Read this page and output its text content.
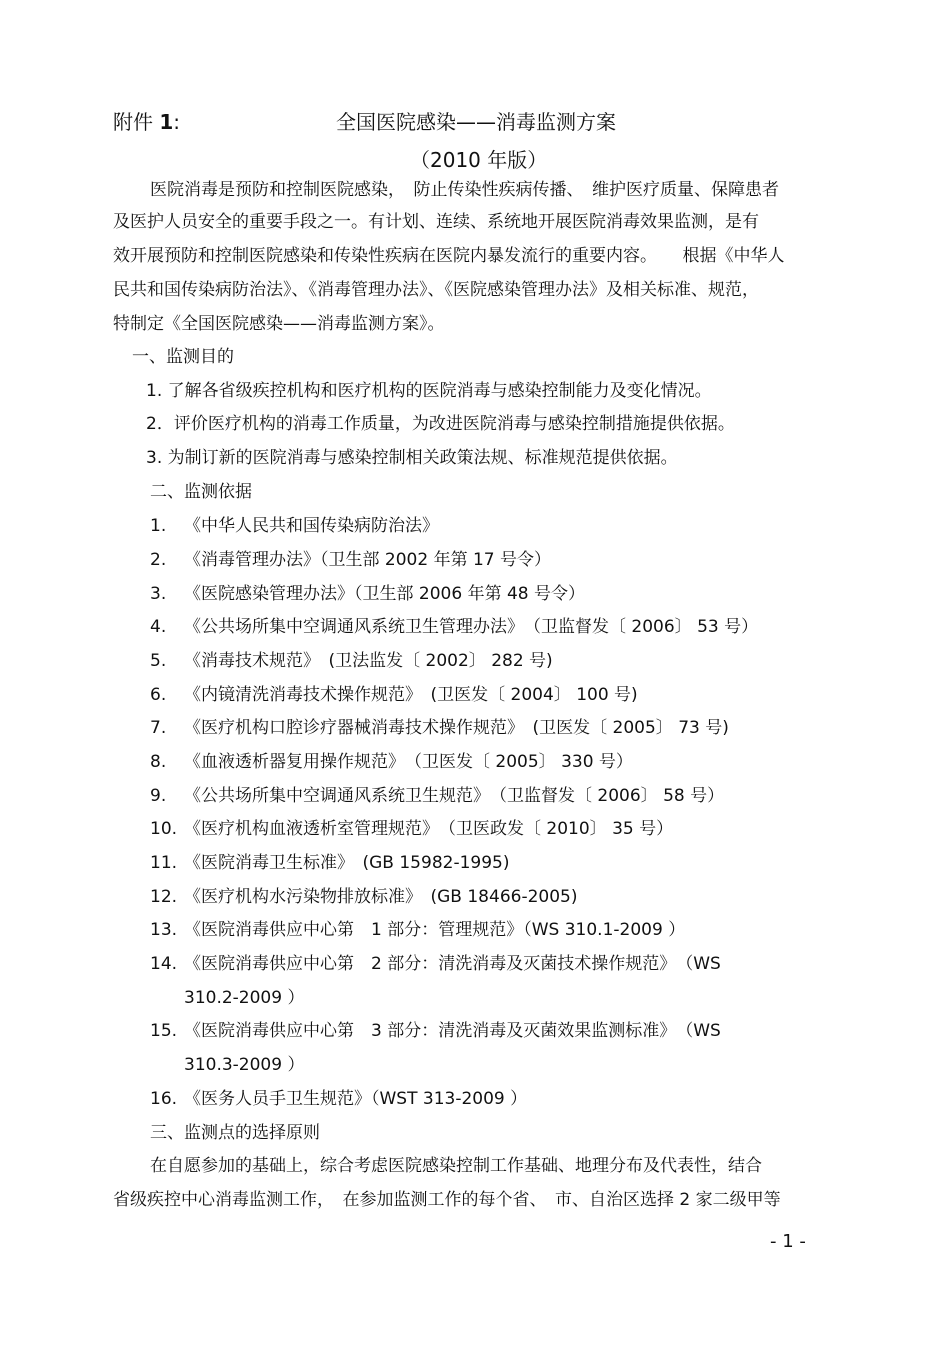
附件 1:	全国医院感染——消毒监测方案
（2010 年版）
医院消毒是预防和控制医院感染，　防止传染性疾病传播、　维护医疗质量、保障患者
及医护人员安全的重要手段之一。有计划、连续、系统地开展医院消毒效果监测，是有
效开展预防和控制医院感染和传染性疾病在医院内暴发流行的重要内容。　　根据《中华人
民共和国传染病防治法》、《消毒管理办法》、《医院感染管理办法》及相关标准、规范，
特制定《全国医院感染——消毒监测方案》。
一、监测目的
1. 了解各省级疾控机构和医疗机构的医院消毒与感染控制能力及变化情况。
2．评价医疗机构的消毒工作质量，为改进医院消毒与感染控制措施提供依据。
3. 为制订新的医院消毒与感染控制相关政策法规、标准规范提供依据。
二、监测依据
1.	《中华人民共和国传染病防治法》
2.	《消毒管理办法》（卫生部 2002 年第 17 号令）
3.	《医院感染管理办法》（卫生部 2006 年第 48 号令）
4.	《公共场所集中空调通风系统卫生管理办法》　（卫监督发〔 2006〕 53 号）
5.	《消毒技术规范》　(卫法监发〔 2002〕 282 号)
6.	《内镜清洗消毒技术操作规范》　(卫医发〔 2004〕 100 号)
7.	《医疗机构口腔诊疗器械消毒技术操作规范》　(卫医发〔 2005〕 73 号)
8.	《血液透析器复用操作规范》　（卫医发〔 2005〕 330 号）
9.	《公共场所集中空调通风系统卫生规范》　（卫监督发〔 2006〕 58 号）
10. 《医疗机构血液透析室管理规范》　（卫医政发〔 2010〕 35 号）
11. 《医院消毒卫生标准》　(GB 15982-1995)
12. 《医疗机构水污染物排放标准》　(GB 18466-2005)
13. 《医院消毒供应中心第　1 部分：管理规范》（WS 310.1-2009 ）
14. 《医院消毒供应中心第　2 部分：清洗消毒及灭菌技术操作规范》　（WS
310.2-2009 ）
15. 《医院消毒供应中心第　3 部分：清洗消毒及灭菌效果监测标准》　（WS
310.3-2009 ）
16. 《医务人员手卫生规范》（WST 313-2009 ）
三、监测点的选择原则
在自愿参加的基础上，综合考虑医院感染控制工作基础、地理分布及代表性，结合
省级疾控中心消毒监测工作，　在参加监测工作的每个省、　市、自治区选择 2 家二级甲等
- 1 -
